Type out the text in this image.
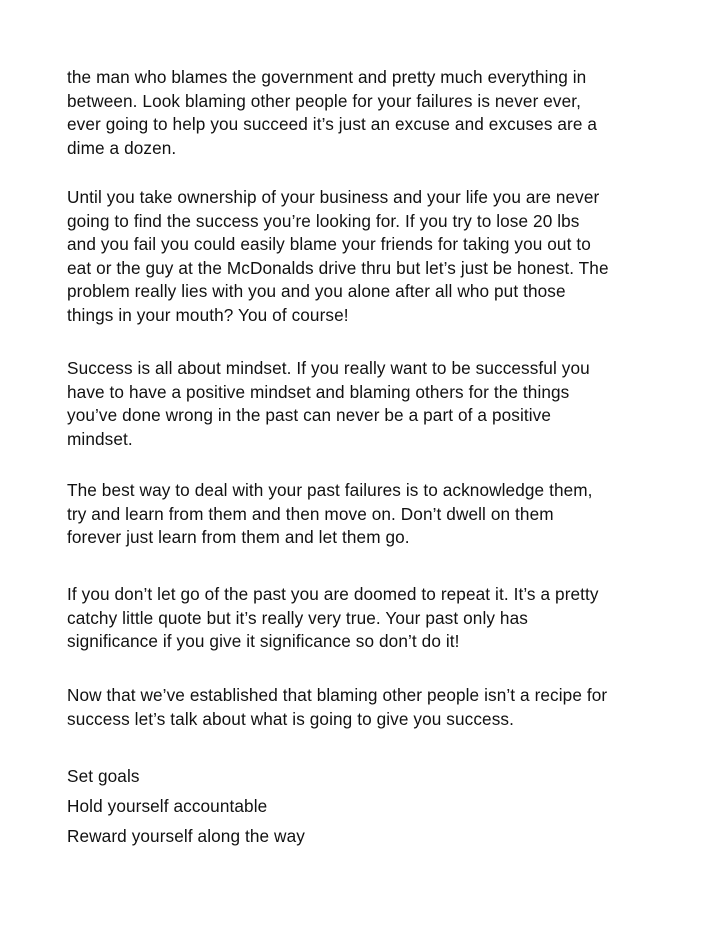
the man who blames the government and pretty much everything in
between. Look blaming other people for your failures is never ever,
ever going to help you succeed it’s just an excuse and excuses are a
dime a dozen.
Until you take ownership of your business and your life you are never
going to find the success you’re looking for. If you try to lose 20 lbs
and you fail you could easily blame your friends for taking you out to
eat or the guy at the McDonalds drive thru but let’s just be honest. The
problem really lies with you and you alone after all who put those
things in your mouth? You of course!
Success is all about mindset. If you really want to be successful you
have to have a positive mindset and blaming others for the things
you’ve done wrong in the past can never be a part of a positive
mindset.
The best way to deal with your past failures is to acknowledge them,
try and learn from them and then move on. Don’t dwell on them
forever just learn from them and let them go.
If you don’t let go of the past you are doomed to repeat it. It’s a pretty
catchy little quote but it’s really very true. Your past only has
significance if you give it significance so don’t do it!
Now that we’ve established that blaming other people isn’t a recipe for
success let’s talk about what is going to give you success.
Set goals
Hold yourself accountable
Reward yourself along the way
